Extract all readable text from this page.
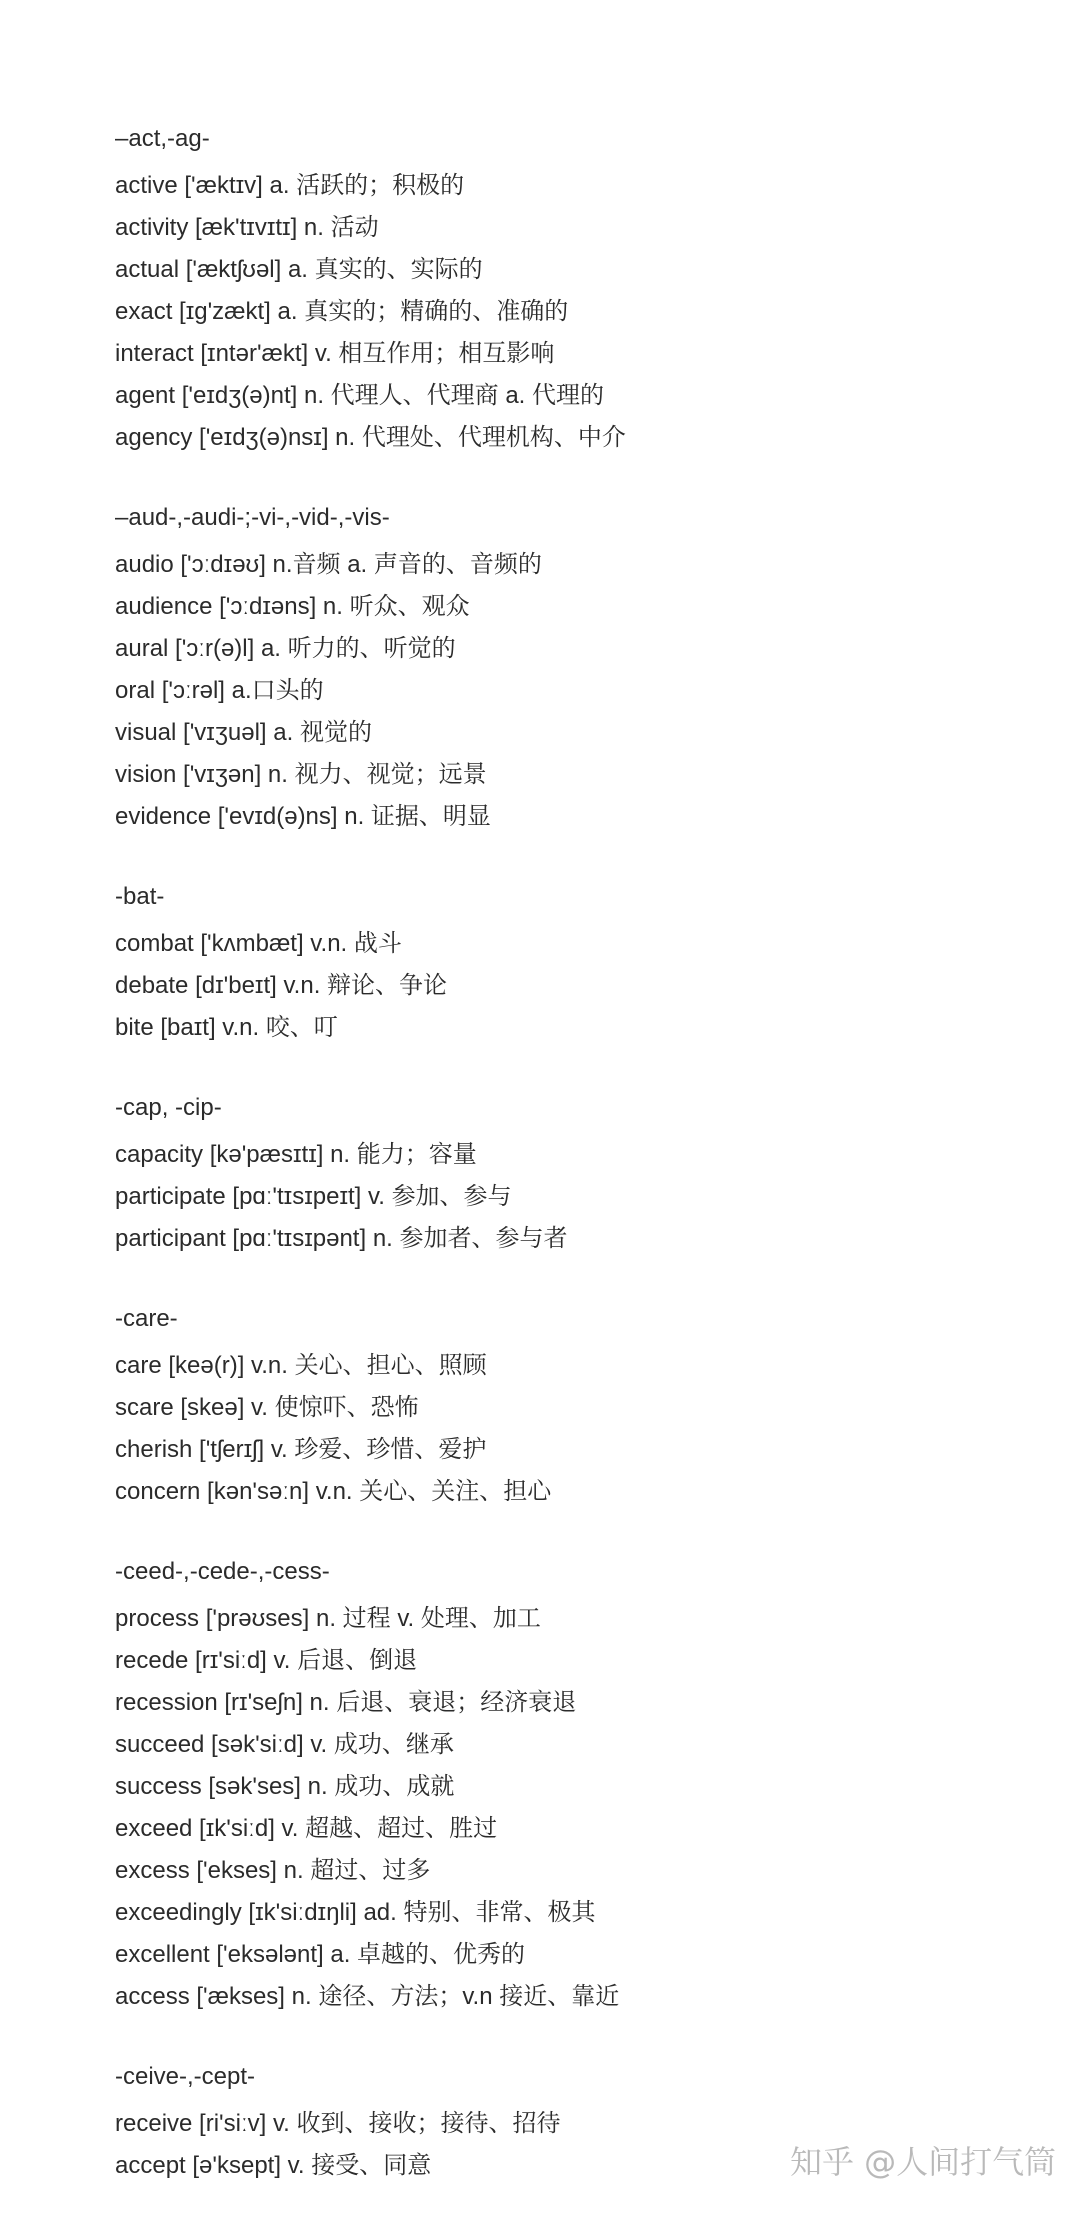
–act,-ag-
active ['æktɪv] a. 活跃的；积极的
activity [æk'tɪvɪtɪ] n. 活动
actual ['æktʃʊəl] a. 真实的、实际的
exact [ɪg'zækt] a. 真实的；精确的、准确的
interact [ɪntər'ækt] v. 相互作用；相互影响
agent ['eɪdʒ(ə)nt] n. 代理人、代理商 a. 代理的
agency ['eɪdʒ(ə)nsɪ] n. 代理处、代理机构、中介
–aud-,-audi-;-vi-,-vid-,-vis-
audio ['ɔːdɪəʊ] n.音频 a. 声音的、音频的
audience ['ɔːdɪəns] n. 听众、观众
aural ['ɔːr(ə)l] a. 听力的、听觉的
oral ['ɔːrəl] a.口头的
visual ['vɪʒuəl] a. 视觉的
vision ['vɪʒən] n. 视力、视觉；远景
evidence ['evɪd(ə)ns] n. 证据、明显
-bat-
combat ['kʌmbæt] v.n. 战斗
debate [dɪ'beɪt] v.n. 辩论、争论
bite [baɪt] v.n. 咬、叮
-cap, -cip-
capacity [kə'pæsɪtɪ] n. 能力；容量
participate [pɑː'tɪsɪpeɪt] v. 参加、参与
participant [pɑː'tɪsɪpənt] n. 参加者、参与者
-care-
care [keə(r)] v.n. 关心、担心、照顾
scare [skeə] v. 使惊吓、恐怖
cherish ['tʃerɪʃ] v. 珍爱、珍惜、爱护
concern [kən'səːn] v.n. 关心、关注、担心
-ceed-,-cede-,-cess-
process ['prəʊses] n. 过程 v. 处理、加工
recede [rɪ'siːd] v. 后退、倒退
recession [rɪ'seʃn] n. 后退、衰退；经济衰退
succeed [sək'siːd] v. 成功、继承
success [sək'ses] n. 成功、成就
exceed [ɪk'siːd] v. 超越、超过、胜过
excess ['ekses] n. 超过、过多
exceedingly [ɪk'siːdɪŋli] ad. 特别、非常、极其
excellent ['eksələnt] a. 卓越的、优秀的
access ['ækses] n. 途径、方法；v.n 接近、靠近
-ceive-,-cept-
receive [ri'siːv] v. 收到、接收；接待、招待
accept [ə'ksept] v. 接受、同意	知乎 @人间打气筒
